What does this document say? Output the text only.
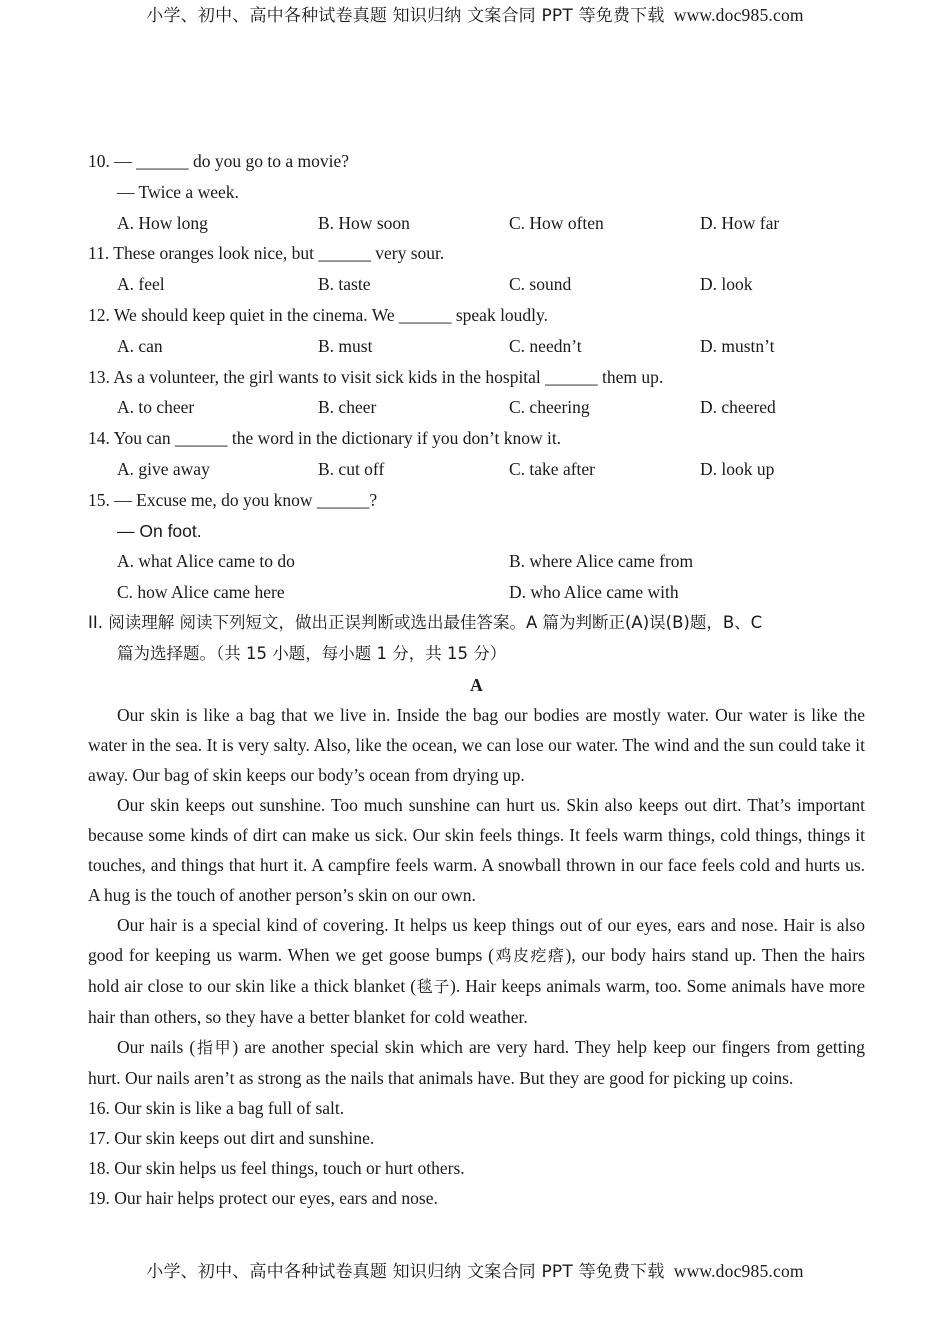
小学、初中、高中各种试卷真题 知识归纳 文案合同 PPT 等免费下载 www.doc985.com
10. — ______ do you go to a movie?
— Twice a week.
A. How long	B. How soon	C. How often	D. How far
11. These oranges look nice, but ______ very sour.
A. feel	B. taste	C. sound	D. look
12. We should keep quiet in the cinema. We ______ speak loudly.
A. can	B. must	C. needn’t	D. mustn’t
13. As a volunteer, the girl wants to visit sick kids in the hospital ______ them up.
A. to cheer	B. cheer	C. cheering	D. cheered
14. You can ______ the word in the dictionary if you don’t know it.
A. give away	B. cut off	C. take after	D. look up
15. — Excuse me, do you know ______?
— On foot.
A. what Alice came to do	B. where Alice came from
C. how Alice came here	D. who Alice came with
II. 阅读理解 阅读下列短文，做出正误判断或选出最佳答案。A 篇为判断正(A)误(B)题，B、C
篇为选择题。（共 15 小题，每小题 1 分，共 15 分）
A

Our skin is like a bag that we live in. Inside the bag our bodies are mostly water. Our water is like the water in the sea. It is very salty. Also, like the ocean, we can lose our water. The wind and the sun could take it away. Our bag of skin keeps our body’s ocean from drying up.

Our skin keeps out sunshine. Too much sunshine can hurt us. Skin also keeps out dirt. That’s important because some kinds of dirt can make us sick. Our skin feels things. It feels warm things, cold things, things it touches, and things that hurt it. A campfire feels warm. A snowball thrown in our face feels cold and hurts us. A hug is the touch of another person’s skin on our own.

Our hair is a special kind of covering. It helps us keep things out of our eyes, ears and nose. Hair is also good for keeping us warm. When we get goose bumps (鸡皮疙瘩), our body hairs stand up. Then the hairs hold air close to our skin like a thick blanket (毯子). Hair keeps animals warm, too. Some animals have more hair than others, so they have a better blanket for cold weather.

Our nails (指甲) are another special skin which are very hard. They help keep our fingers from getting hurt. Our nails aren’t as strong as the nails that animals have. But they are good for picking up coins.

16. Our skin is like a bag full of salt.
17. Our skin keeps out dirt and sunshine.
18. Our skin helps us feel things, touch or hurt others.
19. Our hair helps protect our eyes, ears and nose.
小学、初中、高中各种试卷真题 知识归纳 文案合同 PPT 等免费下载 www.doc985.com
